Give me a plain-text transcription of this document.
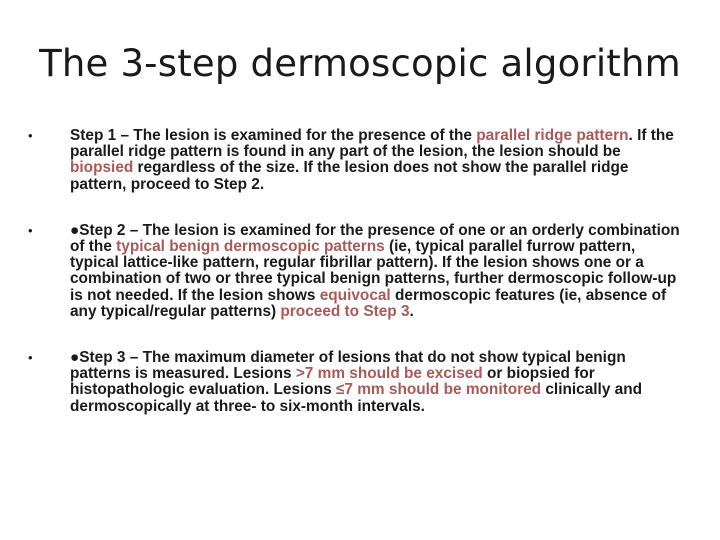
The 3-step dermoscopic algorithm
• Step 1 – The lesion is examined for the presence of the parallel ridge pattern. If the parallel ridge pattern is found in any part of the lesion, the lesion should be biopsied regardless of the size. If the lesion does not show the parallel ridge pattern, proceed to Step 2.
• ●Step 2 – The lesion is examined for the presence of one or an orderly combination of the typical benign dermoscopic patterns (ie, typical parallel furrow pattern, typical lattice-like pattern, regular fibrillar pattern). If the lesion shows one or a combination of two or three typical benign patterns, further dermoscopic follow-up is not needed. If the lesion shows equivocal dermoscopic features (ie, absence of any typical/regular patterns) proceed to Step 3.
• ●Step 3 – The maximum diameter of lesions that do not show typical benign patterns is measured. Lesions >7 mm should be excised or biopsied for histopathologic evaluation. Lesions ≤7 mm should be monitored clinically and dermoscopically at three- to six-month intervals.
